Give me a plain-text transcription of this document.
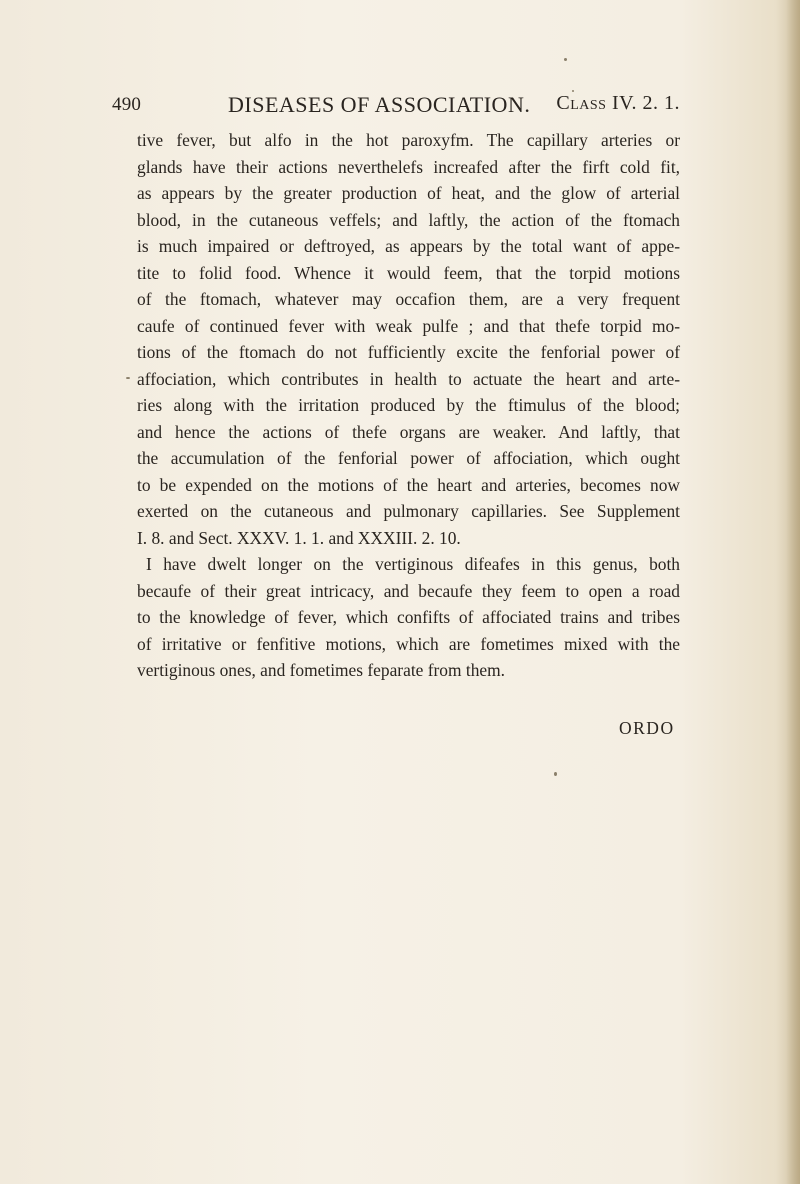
490	DISEASES OF ASSOCIATION. Class IV. 2. 1.
tive fever, but alfo in the hot paroxyfm. The capillary arteries or
glands have their actions neverthelefs increafed after the firft cold fit,
as appears by the greater production of heat, and the glow of arterial
blood, in the cutaneous veffels; and laftly, the action of the ftomach
is much impaired or deftroyed, as appears by the total want of appe-
tite to folid food. Whence it would feem, that the torpid motions
of the ftomach, whatever may occafion them, are a very frequent
caufe of continued fever with weak pulfe ; and that thefe torpid mo-
tions of the ftomach do not fufficiently excite the fenforial power of
affociation, which contributes in health to actuate the heart and arte-
ries along with the irritation produced by the ftimulus of the blood;
and hence the actions of thefe organs are weaker. And laftly, that
the accumulation of the fenforial power of affociation, which ought
to be expended on the motions of the heart and arteries, becomes now
exerted on the cutaneous and pulmonary capillaries. See Supplement
I. 8. and Sect. XXXV. 1. 1. and XXXIII. 2. 10.
I have dwelt longer on the vertiginous difeafes in this genus, both
becaufe of their great intricacy, and becaufe they feem to open a road
to the knowledge of fever, which confifts of affociated trains and tribes
of irritative or fenfitive motions, which are fometimes mixed with the
vertiginous ones, and fometimes feparate from them.
ORDO
